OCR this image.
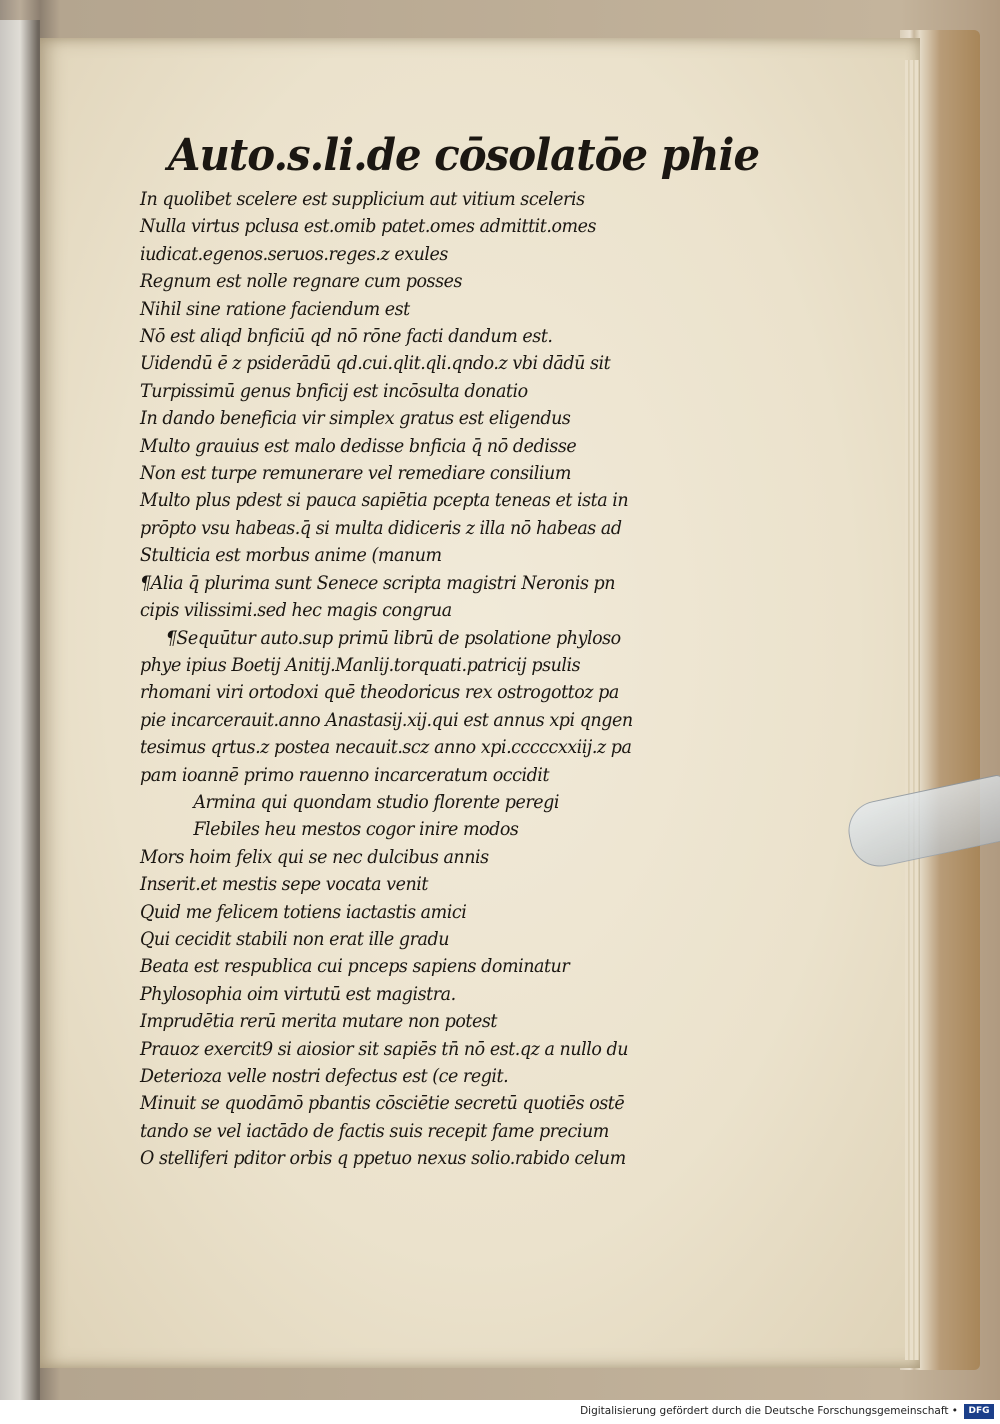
Auto.s.li.de cōsolatōe phie
In quolibet scelere est supplicium aut vitium sceleris
Nulla virtus pclusa est.omib patet.omes admittit.omes
iudicat.egenos.seruos.reges.z exules
Regnum est nolle regnare cum posses
Nihil sine ratione faciendum est
Nō est aliqd bnficiū qd nō rōne facti dandum est.
Uidendū ē z psiderādū qd.cui.qlit.qli.qndo.z vbi dādū sit
Turpissimū genus bnficij est incōsulta donatio
In dando beneficia vir simplex gratus est eligendus
Multo grauius est malo dedisse bnficia q̄ nō dedisse
Non est turpe remunerare vel remediare consilium
Multo plus pdest si pauca sapiētia pcepta teneas et ista in
prōpto vsu habeas.q̄ si multa didiceris z illa nō habeas ad
Stulticia est morbus anime (manum
¶Alia q̄ plurima sunt Senece scripta magistri Neronis pn
cipis vilissimi.sed hec magis congrua
¶Sequūtur auto.sup primū librū de psolatione phyloso
phye ipius Boetij Anitij.Manlij.torquati.patricij psulis
rhomani viri ortodoxi quē theodoricus rex ostrogottoz pa
pie incarcerauit.anno Anastasij.xij.qui est annus xpi qngen
tesimus qrtus.z postea necauit.scz anno xpi.cccccxxiij.z pa
pam ioannē primo rauenno incarceratum occidit
Armina qui quondam studio florente peregi
Flebiles heu mestos cogor inire modos
Mors hoim felix qui se nec dulcibus annis
Inserit.et mestis sepe vocata venit
Quid me felicem totiens iactastis amici
Qui cecidit stabili non erat ille gradu
Beata est respublica cui pnceps sapiens dominatur
Phylosophia oim virtutū est magistra.
Imprudētia rerū merita mutare non potest
Prauoz exercit9 si aiosior sit sapiēs tn̄ nō est.qz a nullo du
Deterioza velle nostri defectus est (ce regit.
Minuit se quodāmō pbantis cōsciētie secretū quotiēs ostē
tando se vel iactādo de factis suis recepit fame precium
O stelliferi pditor orbis q ppetuo nexus solio.rabido celum
Digitalisierung gefördert durch die Deutsche Forschungsgemeinschaft •	DFG
